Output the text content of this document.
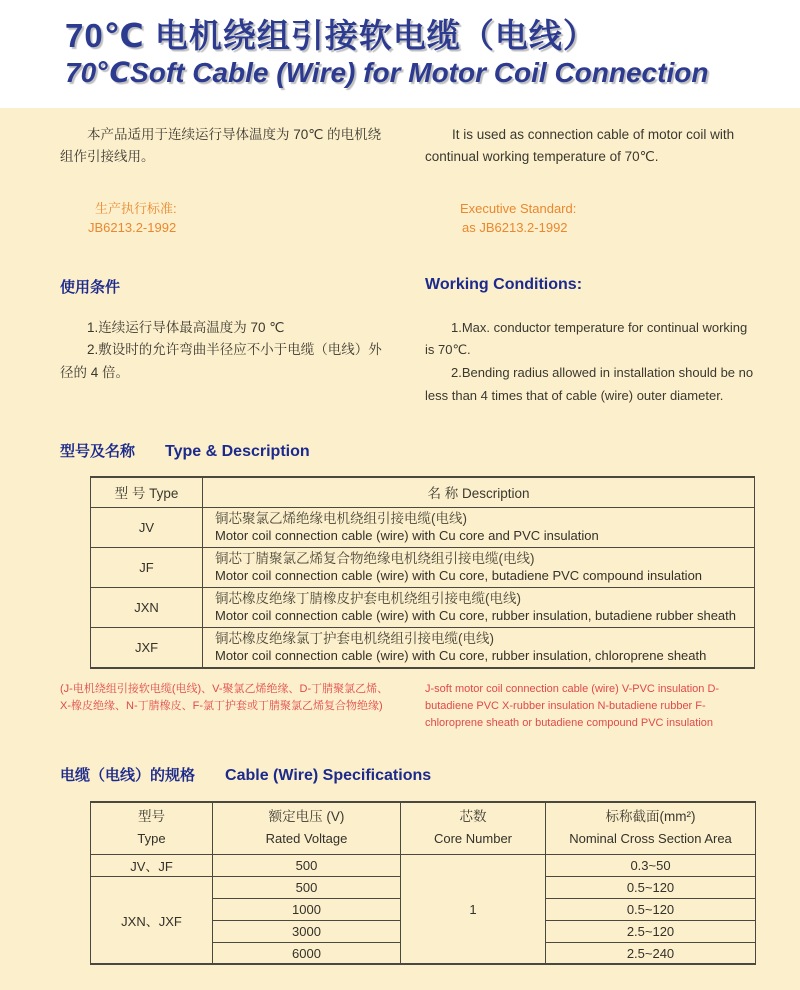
70℃ 电机绕组引接软电缆（电线）
70℃Soft Cable (Wire) for Motor Coil Connection

本产品适用于连续运行导体温度为 70℃ 的电机绕组作引接线用。

It is used as connection cable of motor coil with continual working temperature of 70℃.

生产执行标准:
JB6213.2-1992
Executive Standard:
as JB6213.2-1992
使用条件	Working Conditions:

1.连续运行导体最高温度为 70 ℃

2.敷设时的允许弯曲半径应不小于电缆（电线）外径的 4 倍。

1.Max. conductor temperature for continual working is 70℃.

2.Bending radius allowed in installation should be no less than 4 times that of cable (wire) outer diameter.

型号及名称 Type & Description
型 号 Type	名 称 Description
JV	铜芯聚氯乙烯绝缘电机绕组引接电缆(电线)
Motor coil connection cable (wire) with Cu core and PVC insulation

JF	铜芯丁腈聚氯乙烯复合物绝缘电机绕组引接电缆(电线)
Motor coil connection cable (wire) with Cu core, butadiene PVC compound insulation

JXN	铜芯橡皮绝缘丁腈橡皮护套电机绕组引接电缆(电线)
Motor coil connection cable (wire) with Cu core, rubber insulation, butadiene rubber sheath

JXF	铜芯橡皮绝缘氯丁护套电机绕组引接电缆(电线)
Motor coil connection cable (wire) with Cu core, rubber insulation, chloroprene sheath

(J-电机绕组引接软电缆(电线)、V-聚氯乙烯绝缘、D-丁腈聚氯乙烯、X-橡皮绝缘、N-丁腈橡皮、F-氯丁护套或丁腈聚氯乙烯复合物绝缘)

J-soft motor coil connection cable (wire) V-PVC insulation D-butadiene PVC X-rubber insulation N-butadiene rubber F-chloroprene sheath or butadiene compound PVC insulation

电缆（电线）的规格 Cable (Wire) Specifications
型号
Type

额定电压 (V)
Rated Voltage

芯数
Core Number

标称截面(mm²)
Nominal Cross Section Area

JV、JF	500	1	0.3~50
JXN、JXF	500		0.5~120
	1000		0.5~120
	3000		2.5~120
	6000		2.5~240
